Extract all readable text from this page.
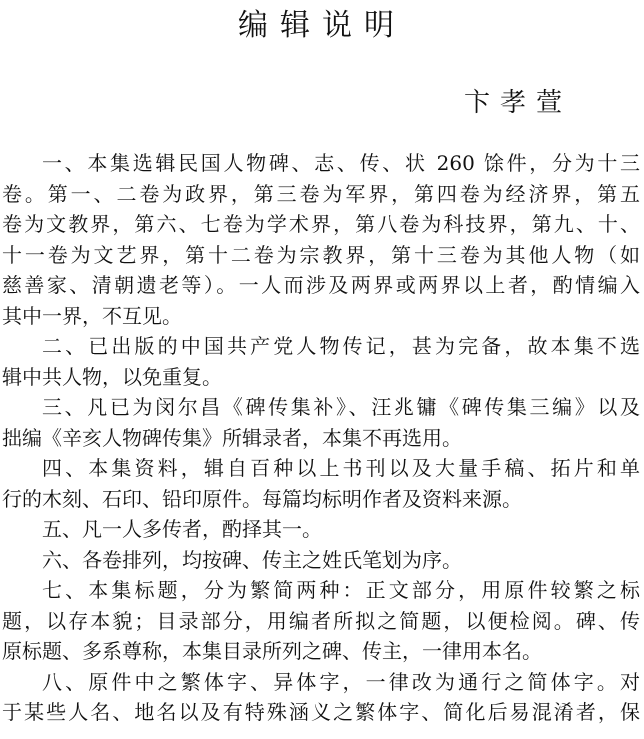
编辑说明
卞孝萱
一、本集选辑民国人物碑、志、传、状 260 馀件，分为十三
卷。第一、二卷为政界，第三卷为军界，第四卷为经济界，第五
卷为文教界，第六、七卷为学术界，第八卷为科技界，第九、十、
十一卷为文艺界，第十二卷为宗教界，第十三卷为其他人物（如
慈善家、清朝遗老等）。一人而涉及两界或两界以上者，酌情编入
其中一界，不互见。
二、已出版的中国共产党人物传记，甚为完备，故本集不选
辑中共人物，以免重复。
三、凡已为闵尔昌《碑传集补》、汪兆镛《碑传集三编》以及
拙编《辛亥人物碑传集》所辑录者，本集不再选用。
四、本集资料，辑自百种以上书刊以及大量手稿、拓片和单
行的木刻、石印、铅印原件。每篇均标明作者及资料来源。
五、凡一人多传者，酌择其一。
六、各卷排列，均按碑、传主之姓氏笔划为序。
七、本集标题，分为繁简两种：正文部分，用原件较繁之标
题，以存本貌；目录部分，用编者所拟之简题，以便检阅。碑、传
原标题、多系尊称，本集目录所列之碑、传主，一律用本名。
八、原件中之繁体字、异体字，一律改为通行之简体字。对
于某些人名、地名以及有特殊涵义之繁体字、简化后易混淆者，保
